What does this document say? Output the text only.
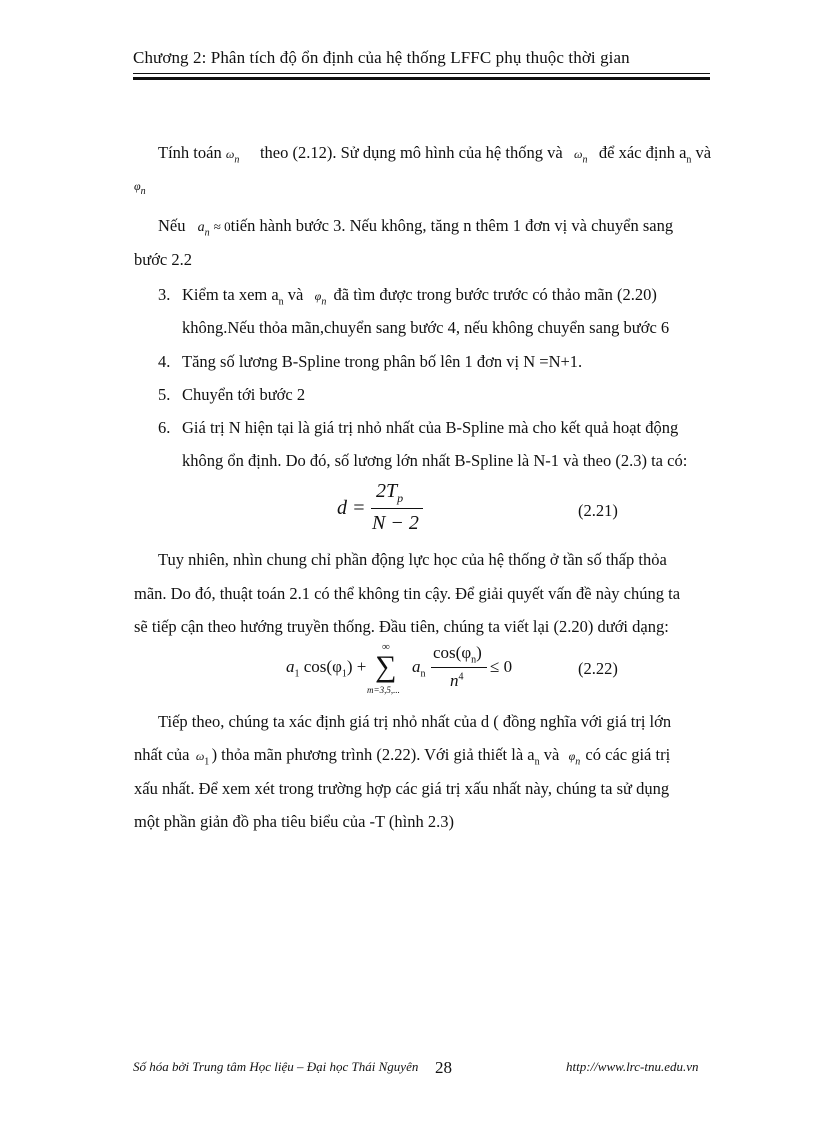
Chương 2: Phân tích độ ổn định của hệ thống LFFC phụ thuộc thời gian
Tính toán $\omega_n$ theo (2.12). Sử dụng mô hình của hệ thống và $\omega_n$ để xác định $a_n$ và
$\varphi_n$
Nếu $a_n$ ≈ 0tiến hành bước 3. Nếu không, tăng n thêm 1 đơn vị và chuyển sang
bước 2.2
3. Kiểm ta xem $a_n$ và $\varphi_n$ đã tìm được trong bước trước có thảo mãn (2.20)
không.Nếu thỏa mãn,chuyển sang bước 4, nếu không chuyển sang bước 6
4. Tăng số lương B-Spline trong phân bố lên 1 đơn vị N =N+1.
5. Chuyển tới bước 2
6. Giá trị N hiện tại là giá trị nhỏ nhất của B-Spline mà cho kết quả hoạt động
không ổn định. Do đó, số lương lớn nhất B-Spline là N-1 và theo (2.3) ta có:
d =
$2T_p$
N − 2
(2.21)
Tuy nhiên, nhìn chung chỉ phần động lực học của hệ thống ở tần số thấp thỏa
mãn. Do đó, thuật toán 2.1 có thể không tin cậy. Để giải quyết vấn đề này chúng ta
sẽ tiếp cận theo hướng truyền thống. Đầu tiên, chúng ta viết lại (2.20) dưới dạng:
$a_1$ $\cos(\varphi_1)$ +
∞
∑
m=3,5,...
$a_n$
$\cos(\varphi_n)$
$n^4$
≤ 0	(2.22)
Tiếp theo, chúng ta xác định giá trị nhỏ nhất của d ( đồng nghĩa với giá trị lớn
nhất của $\omega_1$ ) thỏa mãn phương trình (2.22). Với giả thiết là $a_n$ và $\varphi_n$ có các giá trị
xấu nhất. Để xem xét trong trường hợp các giá trị xấu nhất này, chúng ta sử dụng
một phần giản đồ pha tiêu biểu của -T (hình 2.3)
Số hóa bởi Trung tâm Học liệu – Đại học Thái Nguyên 28	http://www.lrc-tnu.edu.vn
